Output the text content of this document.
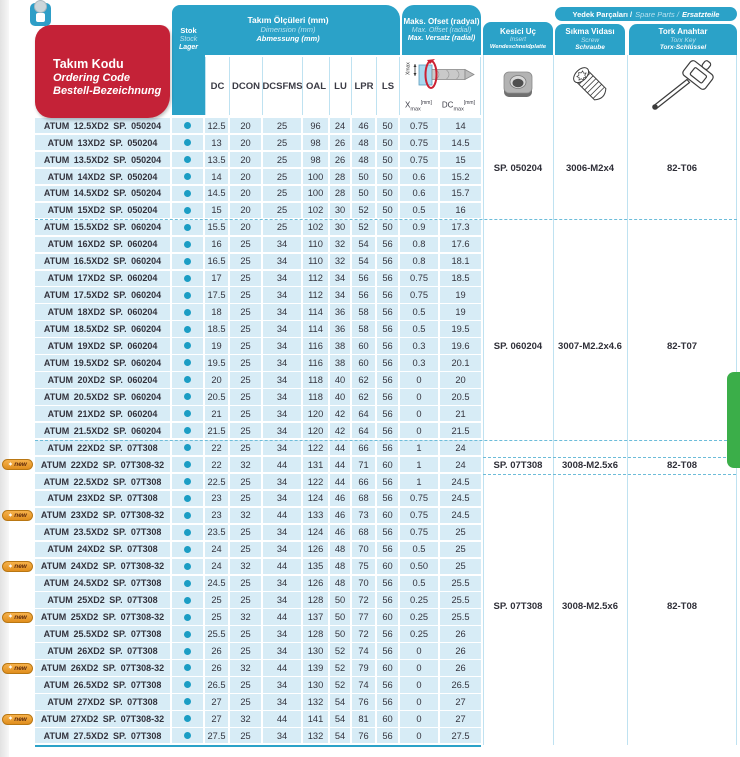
Takım Ölçüleri (mm)
Dimension (mm)
Abmessung (mm)
Stok
Stock
Lager
Maks. Ofset (radyal)
Max. Offset (radial)
Max. Versatz (radial)
Yedek Parçaları / Spare Parts / Ersatzteile
Kesici Uç
Insert
Wendeschneidplatte
Sıkma Vidası
Screw
Schraube
Tork Anahtar
Torx Key
Torx-Schlüssel
Takım Kodu
Ordering Code
Bestell-Bezeichnung	DC DCON DCSFMS OAL LU LPR LS
Xmax
$X_{max}[mm]$ $DC_{max}[mm]$
ATUM 12.5XD2 SP. 050204	12.5	20	25	96	24	46	50	0.75	14
ATUM 13XD2 SP. 050204	13	20	25	98	26	48	50	0.75	14.5
ATUM 13.5XD2 SP. 050204	13.5	20	25	98	26	48	50	0.75	15
ATUM 14XD2 SP. 050204	14	20	25	100	28	50	50	0.6	15.2
ATUM 14.5XD2 SP. 050204	14.5	20	25	100	28	50	50	0.6	15.7
ATUM 15XD2 SP. 050204	15	20	25	102	30	52	50	0.5	16
ATUM 15.5XD2 SP. 060204	15.5	20	25	102	30	52	50	0.9	17.3
ATUM 16XD2 SP. 060204	16	25	34	110	32	54	56	0.8	17.6
ATUM 16.5XD2 SP. 060204	16.5	25	34	110	32	54	56	0.8	18.1
ATUM 17XD2 SP. 060204	17	25	34	112	34	56	56	0.75	18.5
ATUM 17.5XD2 SP. 060204	17.5	25	34	112	34	56	56	0.75	19
ATUM 18XD2 SP. 060204	18	25	34	114	36	58	56	0.5	19
ATUM 18.5XD2 SP. 060204	18.5	25	34	114	36	58	56	0.5	19.5
ATUM 19XD2 SP. 060204	19	25	34	116	38	60	56	0.3	19.6
ATUM 19.5XD2 SP. 060204	19.5	25	34	116	38	60	56	0.3	20.1
ATUM 20XD2 SP. 060204	20	25	34	118	40	62	56	0	20
ATUM 20.5XD2 SP. 060204	20.5	25	34	118	40	62	56	0	20.5
ATUM 21XD2 SP. 060204	21	25	34	120	42	64	56	0	21
ATUM 21.5XD2 SP. 060204	21.5	25	34	120	42	64	56	0	21.5
ATUM 22XD2 SP. 07T308	22	25	34	122	44	66	56	1	24
✶ new	ATUM 22XD2 SP. 07T308-32	22	32	44	131	44	71	60	1	24
ATUM 22.5XD2 SP. 07T308	22.5	25	34	122	44	66	56	1	24.5
ATUM 23XD2 SP. 07T308	23	25	34	124	46	68	56	0.75	24.5
✶ new	ATUM 23XD2 SP. 07T308-32	23	32	44	133	46	73	60	0.75	24.5
ATUM 23.5XD2 SP. 07T308	23.5	25	34	124	46	68	56	0.75	25
ATUM 24XD2 SP. 07T308	24	25	34	126	48	70	56	0.5	25
✶ new	ATUM 24XD2 SP. 07T308-32	24	32	44	135	48	75	60	0.50	25
ATUM 24.5XD2 SP. 07T308	24.5	25	34	126	48	70	56	0.5	25.5
ATUM 25XD2 SP. 07T308	25	25	34	128	50	72	56	0.25	25.5
✶ new	ATUM 25XD2 SP. 07T308-32	25	32	44	137	50	77	60	0.25	25.5
ATUM 25.5XD2 SP. 07T308	25.5	25	34	128	50	72	56	0.25	26
ATUM 26XD2 SP. 07T308	26	25	34	130	52	74	56	0	26
✶ new	ATUM 26XD2 SP. 07T308-32	26	32	44	139	52	79	60	0	26
ATUM 26.5XD2 SP. 07T308	26.5	25	34	130	52	74	56	0	26.5
ATUM 27XD2 SP. 07T308	27	25	34	132	54	76	56	0	27
✶ new	ATUM 27XD2 SP. 07T308-32	27	32	44	141	54	81	60	0	27
ATUM 27.5XD2 SP. 07T308	27.5	25	34	132	54	76	56	0	27.5
SP. 050204	3006-M2x4	82-T06
SP. 060204	3007-M2.2x4.6	82-T07
SP. 07T308	3008-M2.5x6	82-T08
SP. 07T308	3008-M2.5x6	82-T08
